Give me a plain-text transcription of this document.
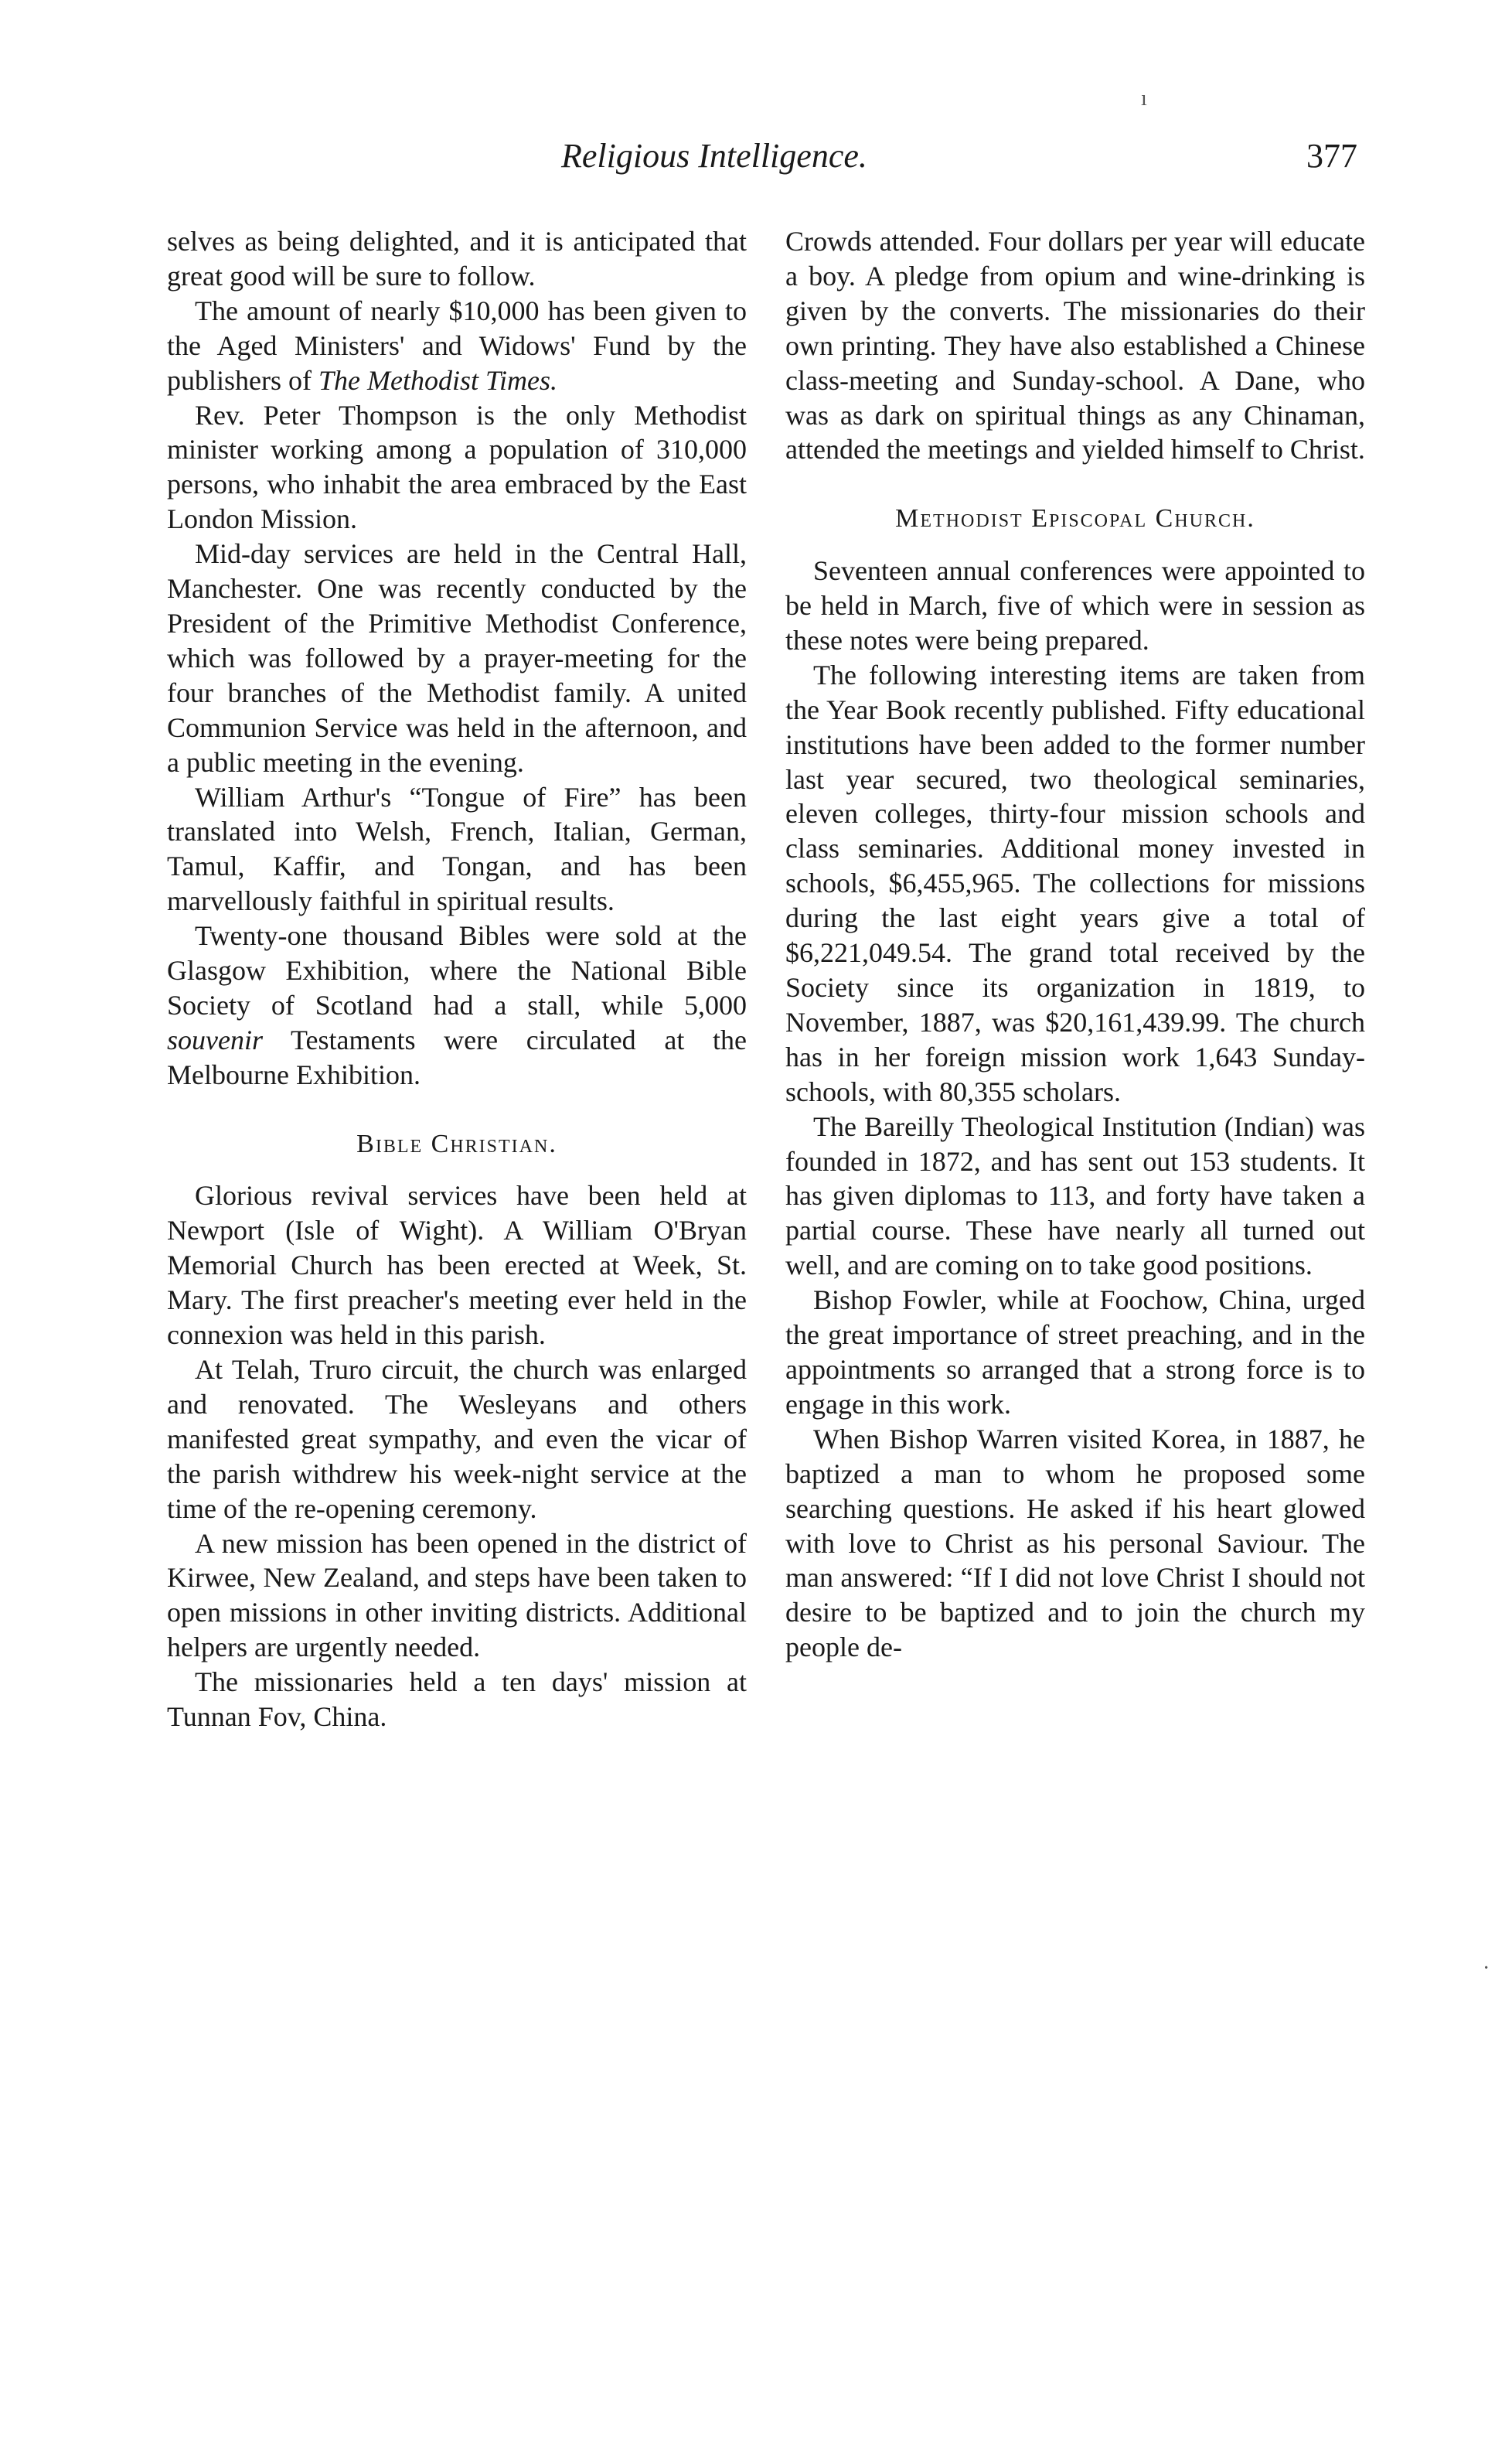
ı
·
Religious Intelligence.	377

selves as being delighted, and it is anticipated that great good will be sure to follow.

The amount of nearly $10,000 has been given to the Aged Ministers' and Widows' Fund by the publishers of The Methodist Times.

Rev. Peter Thompson is the only Methodist minister working among a population of 310,000 persons, who inhabit the area embraced by the East London Mission.

Mid-day services are held in the Central Hall, Manchester. One was recently conducted by the President of the Primitive Methodist Conference, which was followed by a prayer-meeting for the four branches of the Methodist family. A united Communion Service was held in the afternoon, and a public meeting in the evening.

William Arthur's “Tongue of Fire” has been translated into Welsh, French, Italian, German, Tamul, Kaffir, and Tongan, and has been marvellously faithful in spiritual results.

Twenty-one thousand Bibles were sold at the Glasgow Exhibition, where the National Bible Society of Scotland had a stall, while 5,000 souvenir Testaments were circulated at the Melbourne Exhibition.

Bible Christian.

Glorious revival services have been held at Newport (Isle of Wight). A William O'Bryan Memorial Church has been erected at Week, St. Mary. The first preacher's meeting ever held in the connexion was held in this parish.

At Telah, Truro circuit, the church was enlarged and renovated. The Wesleyans and others manifested great sympathy, and even the vicar of the parish withdrew his week-night service at the time of the re-opening ceremony.

A new mission has been opened in the district of Kirwee, New Zealand, and steps have been taken to open missions in other inviting districts. Additional helpers are urgently needed.

The missionaries held a ten days' mission at Tunnan Fov, China.

Crowds attended. Four dollars per year will educate a boy. A pledge from opium and wine-drinking is given by the converts. The missionaries do their own printing. They have also established a Chinese class-meeting and Sunday-school. A Dane, who was as dark on spiritual things as any Chinaman, attended the meetings and yielded himself to Christ.

Methodist Episcopal Church.

Seventeen annual conferences were appointed to be held in March, five of which were in session as these notes were being prepared.

The following interesting items are taken from the Year Book recently published. Fifty educational institutions have been added to the former number last year secured, two theological seminaries, eleven colleges, thirty-four mission schools and class seminaries. Additional money invested in schools, $6,455,965. The collections for missions during the last eight years give a total of $6,221,049.54. The grand total received by the Society since its organization in 1819, to November, 1887, was $20,161,439.99. The church has in her foreign mission work 1,643 Sunday-schools, with 80,355 scholars.

The Bareilly Theological Institution (Indian) was founded in 1872, and has sent out 153 students. It has given diplomas to 113, and forty have taken a partial course. These have nearly all turned out well, and are coming on to take good positions.

Bishop Fowler, while at Foochow, China, urged the great importance of street preaching, and in the appointments so arranged that a strong force is to engage in this work.

When Bishop Warren visited Korea, in 1887, he baptized a man to whom he proposed some searching questions. He asked if his heart glowed with love to Christ as his personal Saviour. The man answered: “If I did not love Christ I should not desire to be baptized and to join the church my people de-
